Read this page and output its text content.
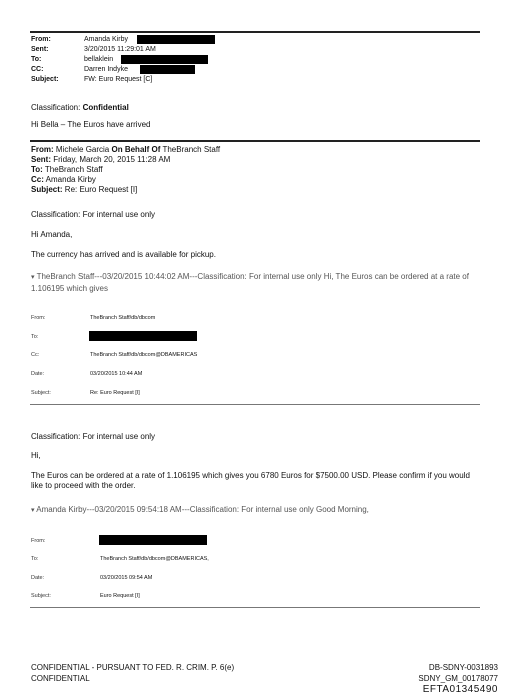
From:	Amanda Kirby
Sent:	3/20/2015 11:29:01 AM
To:	bellaklein
CC:	Darren Indyke
Subject:	FW: Euro Request [C]
Classification: Confidential
Hi Bella – The Euros have arrived
From: Michele Garcia On Behalf Of TheBranch Staff
Sent: Friday, March 20, 2015 11:28 AM
To: TheBranch Staff
Cc: Amanda Kirby
Subject: Re: Euro Request [I]
Classification: For internal use only
Hi Amanda,
The currency has arrived and is available for pickup.
▾ TheBranch Staff---03/20/2015 10:44:02 AM---Classification: For internal use only Hi, The Euros can be ordered at a rate of 1.106195 which gives
From:	TheBranch Staff/db/dbcom
To:
Cc:	TheBranch Staff/db/dbcom@DBAMERICAS
Date:	03/20/2015 10:44 AM
Subject:	Re: Euro Request [I]
Classification: For internal use only
Hi,
The Euros can be ordered at a rate of 1.106195 which gives you 6780 Euros for $7500.00 USD. Please confirm if you would like to proceed with the order.
▾ Amanda Kirby---03/20/2015 09:54:18 AM---Classification: For internal use only Good Morning,
From:
To:	TheBranch Staff/db/dbcom@DBAMERICAS,
Date:	03/20/2015 09:54 AM
Subject:	Euro Request [I]
CONFIDENTIAL - PURSUANT TO FED. R. CRIM. P. 6(e)
CONFIDENTIAL
DB-SDNY-0031893
SDNY_GM_00178077
EFTA01345490
